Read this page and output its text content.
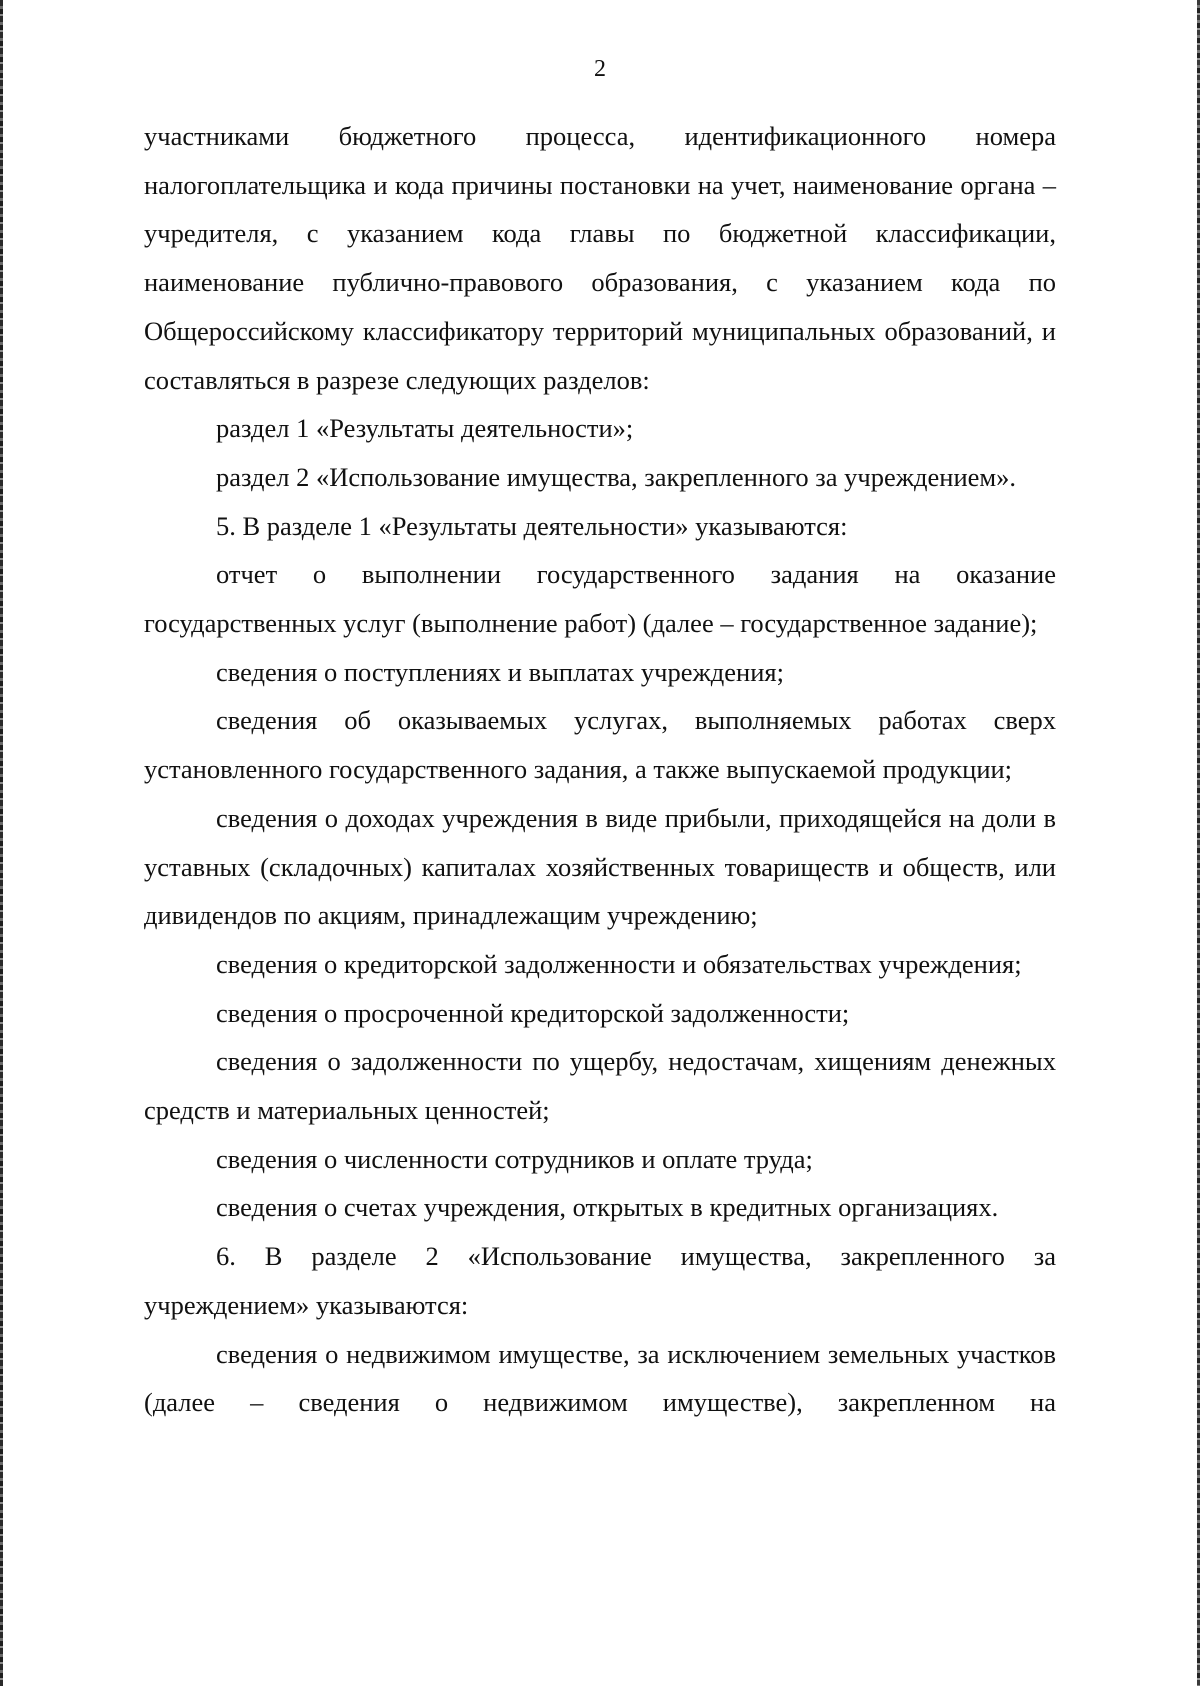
2

участниками бюджетного процесса, идентификационного номера налогоплательщика и кода причины постановки на учет, наименование органа – учредителя, с указанием кода главы по бюджетной классификации, наименование публично-правового образования, с указанием кода по Общероссийскому классификатору территорий муниципальных образований, и составляться в разрезе следующих разделов:

раздел 1 «Результаты деятельности»;

раздел 2 «Использование имущества, закрепленного за учреждением».

5. В разделе 1 «Результаты деятельности» указываются:

отчет о выполнении государственного задания на оказание государственных услуг (выполнение работ) (далее – государственное задание);

сведения о поступлениях и выплатах учреждения;

сведения об оказываемых услугах, выполняемых работах сверх установленного государственного задания, а также выпускаемой продукции;

сведения о доходах учреждения в виде прибыли, приходящейся на доли в уставных (складочных) капиталах хозяйственных товариществ и обществ, или дивидендов по акциям, принадлежащим учреждению;

сведения о кредиторской задолженности и обязательствах учреждения;

сведения о просроченной кредиторской задолженности;

сведения о задолженности по ущербу, недостачам, хищениям денежных средств и материальных ценностей;

сведения о численности сотрудников и оплате труда;

сведения о счетах учреждения, открытых в кредитных организациях.

6. В разделе 2 «Использование имущества, закрепленного за учреждением» указываются:

сведения о недвижимом имуществе, за исключением земельных участков (далее – сведения о недвижимом имуществе), закрепленном на
